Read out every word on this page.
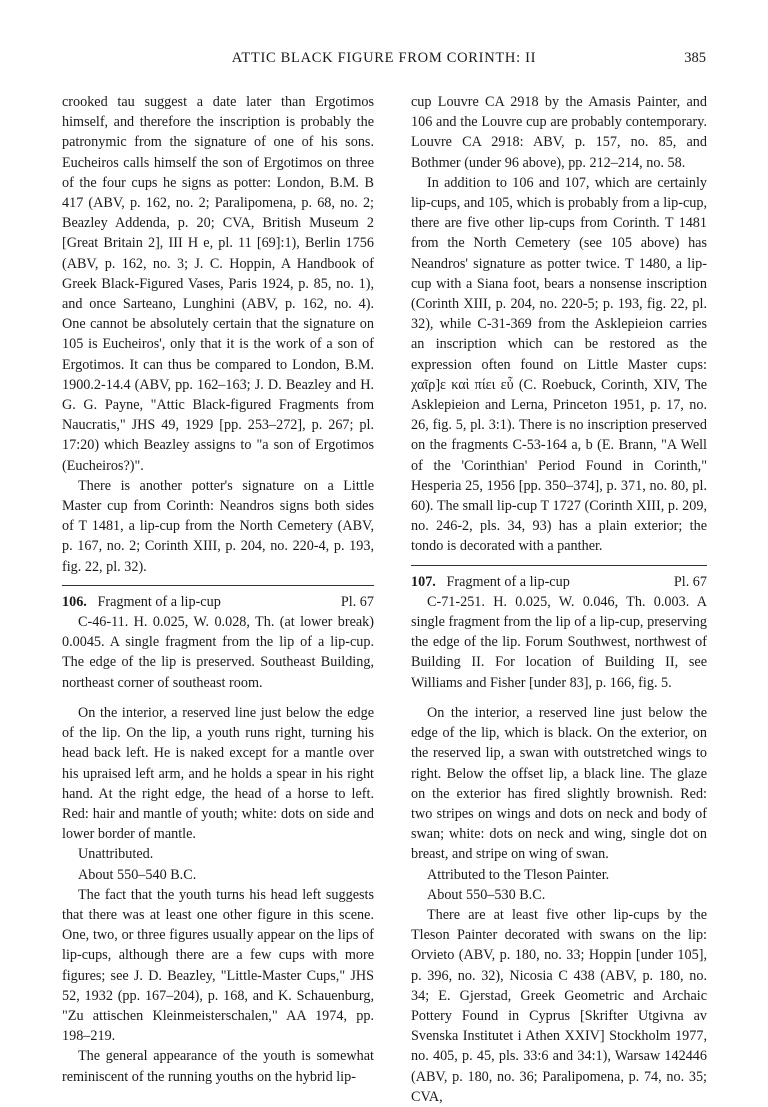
ATTIC BLACK FIGURE FROM CORINTH: II	385

crooked tau suggest a date later than Ergotimos himself, and therefore the inscription is probably the patronymic from the signature of one of his sons. Eucheiros calls himself the son of Ergotimos on three of the four cups he signs as potter: London, B.M. B 417 (ABV, p. 162, no. 2; Paralipomena, p. 68, no. 2; Beazley Addenda, p. 20; CVA, British Museum 2 [Great Britain 2], III H e, pl. 11 [69]:1), Berlin 1756 (ABV, p. 162, no. 3; J. C. Hoppin, A Handbook of Greek Black-Figured Vases, Paris 1924, p. 85, no. 1), and once Sarteano, Lunghini (ABV, p. 162, no. 4). One cannot be absolutely certain that the signature on 105 is Eucheiros', only that it is the work of a son of Ergotimos. It can thus be compared to London, B.M. 1900.2-14.4 (ABV, pp. 162–163; J. D. Beazley and H. G. G. Payne, "Attic Black-figured Fragments from Naucratis," JHS 49, 1929 [pp. 253–272], p. 267; pl. 17:20) which Beazley assigns to "a son of Ergotimos (Eucheiros?)".

There is another potter's signature on a Little Master cup from Corinth: Neandros signs both sides of T 1481, a lip-cup from the North Cemetery (ABV, p. 167, no. 2; Corinth XIII, p. 204, no. 220-4, p. 193, fig. 22, pl. 32).

106. Fragment of a lip-cup	Pl. 67

C-46-11. H. 0.025, W. 0.028, Th. (at lower break) 0.0045. A single fragment from the lip of a lip-cup. The edge of the lip is preserved. Southeast Building, northeast corner of southeast room.

On the interior, a reserved line just below the edge of the lip. On the lip, a youth runs right, turning his head back left. He is naked except for a mantle over his upraised left arm, and he holds a spear in his right hand. At the right edge, the head of a horse to left. Red: hair and mantle of youth; white: dots on side and lower border of mantle.

Unattributed.

About 550–540 B.C.

The fact that the youth turns his head left suggests that there was at least one other figure in this scene. One, two, or three figures usually appear on the lips of lip-cups, although there are a few cups with more figures; see J. D. Beazley, "Little-Master Cups," JHS 52, 1932 (pp. 167–204), p. 168, and K. Schauenburg, "Zu attischen Kleinmeisterschalen," AA 1974, pp. 198–219.

The general appearance of the youth is somewhat reminiscent of the running youths on the hybrid lip-

cup Louvre CA 2918 by the Amasis Painter, and 106 and the Louvre cup are probably contemporary. Louvre CA 2918: ABV, p. 157, no. 85, and Bothmer (under 96 above), pp. 212–214, no. 58.

In addition to 106 and 107, which are certainly lip-cups, and 105, which is probably from a lip-cup, there are five other lip-cups from Corinth. T 1481 from the North Cemetery (see 105 above) has Neandros' signature as potter twice. T 1480, a lip-cup with a Siana foot, bears a nonsense inscription (Corinth XIII, p. 204, no. 220-5; p. 193, fig. 22, pl. 32), while C-31-369 from the Asklepieion carries an inscription which can be restored as the expression often found on Little Master cups: χαῖρ]ε καὶ πίει εὖ (C. Roebuck, Corinth, XIV, The Asklepieion and Lerna, Princeton 1951, p. 17, no. 26, fig. 5, pl. 3:1). There is no inscription preserved on the fragments C-53-164 a, b (E. Brann, "A Well of the 'Corinthian' Period Found in Corinth," Hesperia 25, 1956 [pp. 350–374], p. 371, no. 80, pl. 60). The small lip-cup T 1727 (Corinth XIII, p. 209, no. 246-2, pls. 34, 93) has a plain exterior; the tondo is decorated with a panther.

107. Fragment of a lip-cup	Pl. 67

C-71-251. H. 0.025, W. 0.046, Th. 0.003. A single fragment from the lip of a lip-cup, preserving the edge of the lip. Forum Southwest, northwest of Building II. For location of Building II, see Williams and Fisher [under 83], p. 166, fig. 5.

On the interior, a reserved line just below the edge of the lip, which is black. On the exterior, on the reserved lip, a swan with outstretched wings to right. Below the offset lip, a black line. The glaze on the exterior has fired slightly brownish. Red: two stripes on wings and dots on neck and body of swan; white: dots on neck and wing, single dot on breast, and stripe on wing of swan.

Attributed to the Tleson Painter.

About 550–530 B.C.

There are at least five other lip-cups by the Tleson Painter decorated with swans on the lip: Orvieto (ABV, p. 180, no. 33; Hoppin [under 105], p. 396, no. 32), Nicosia C 438 (ABV, p. 180, no. 34; E. Gjerstad, Greek Geometric and Archaic Pottery Found in Cyprus [Skrifter Utgivna av Svenska Institutet i Athen XXIV] Stockholm 1977, no. 405, p. 45, pls. 33:6 and 34:1), Warsaw 142446 (ABV, p. 180, no. 36; Paralipomena, p. 74, no. 35; CVA,
